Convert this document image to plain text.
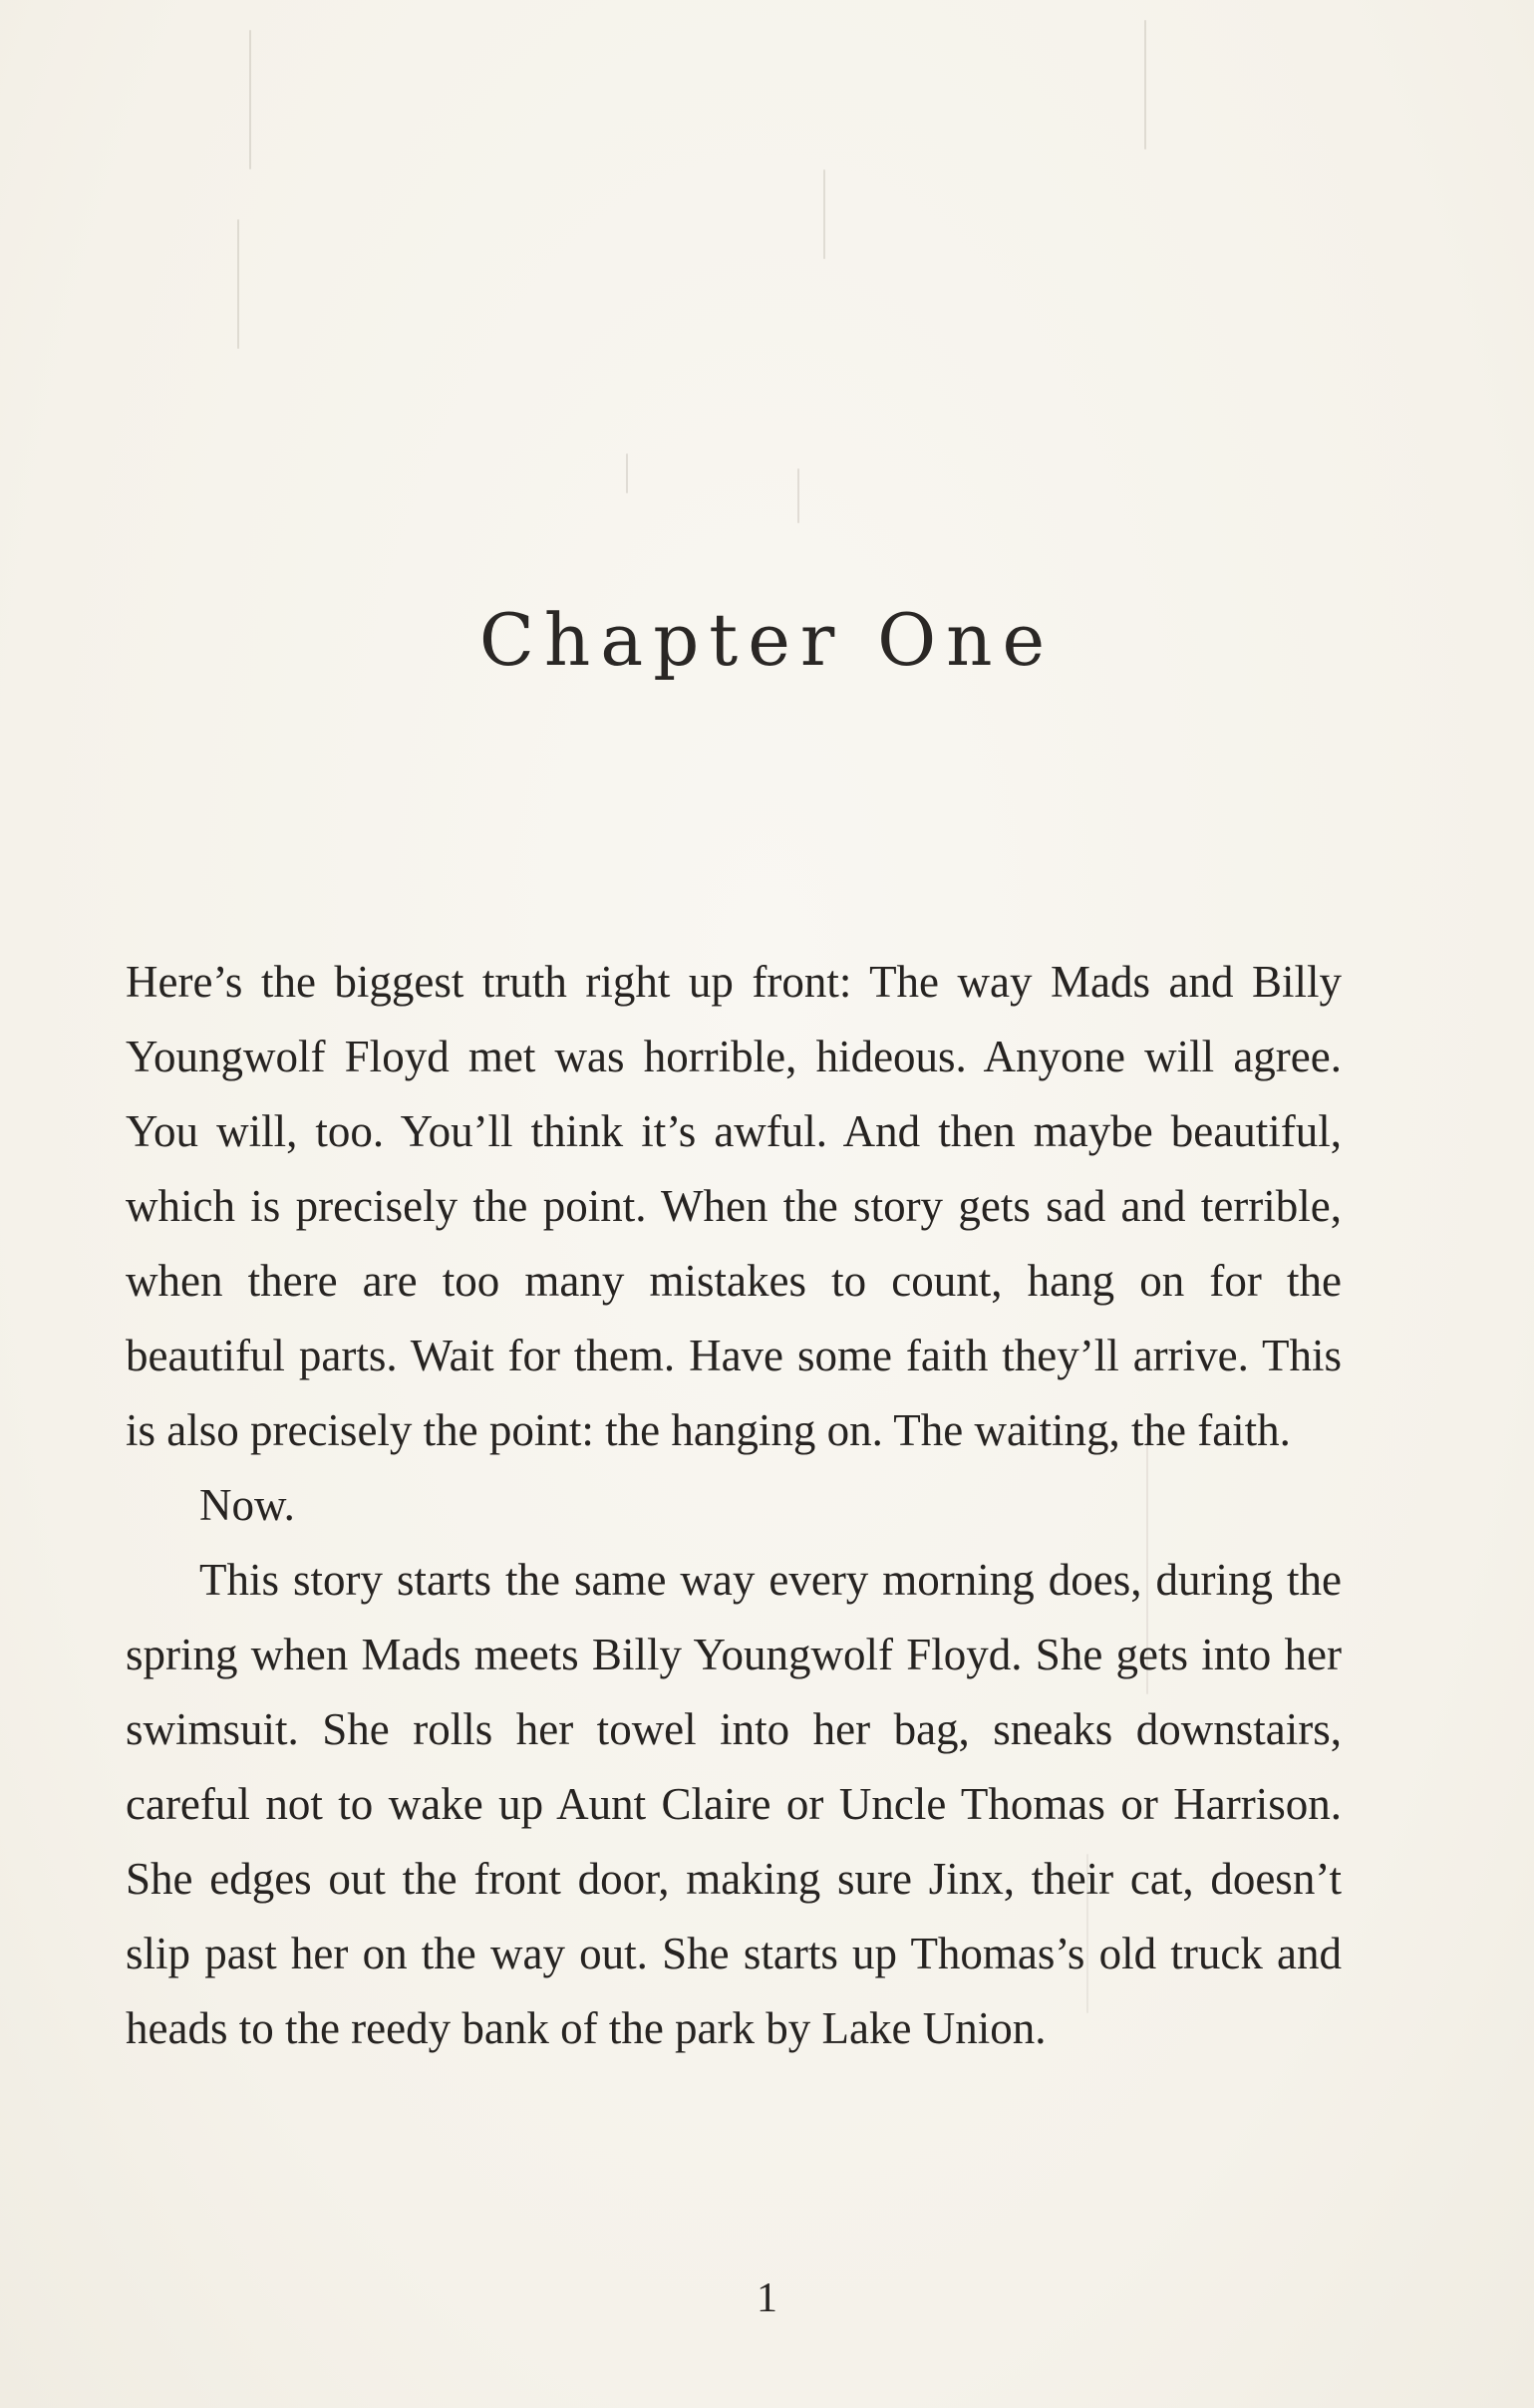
Chapter One

Here’s the biggest truth right up front: The way Mads and Billy Youngwolf Floyd met was horrible, hideous. Anyone will agree. You will, too. You’ll think it’s awful. And then maybe beautiful, which is precisely the point. When the story gets sad and terrible, when there are too many mistakes to count, hang on for the beautiful parts. Wait for them. Have some faith they’ll arrive. This is also precisely the point: the hanging on. The waiting, the faith.

Now.

This story starts the same way every morning does, during the spring when Mads meets Billy Youngwolf Floyd. She gets into her swimsuit. She rolls her towel into her bag, sneaks downstairs, careful not to wake up Aunt Claire or Uncle Thomas or Harrison. She edges out the front door, making sure Jinx, their cat, doesn’t slip past her on the way out. She starts up Thomas’s old truck and heads to the reedy bank of the park by Lake Union.

1
